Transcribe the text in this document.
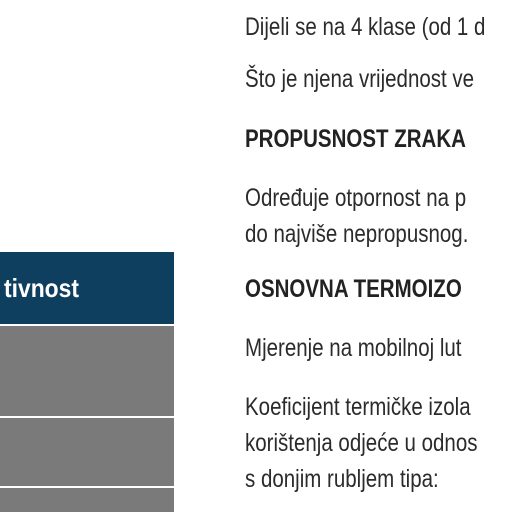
tivnost
Dijeli se na 4 klase (od 1 d
Što je njena vrijednost ve
PROPUSNOST ZRAKA
Određuje otpornost na p
do najviše nepropusnog.
OSNOVNA TERMOIZO
Mjerenje na mobilnoj lut
Koeficijent termičke izola
korištenja odjeće u odnos
s donjim rubljem tipa:
